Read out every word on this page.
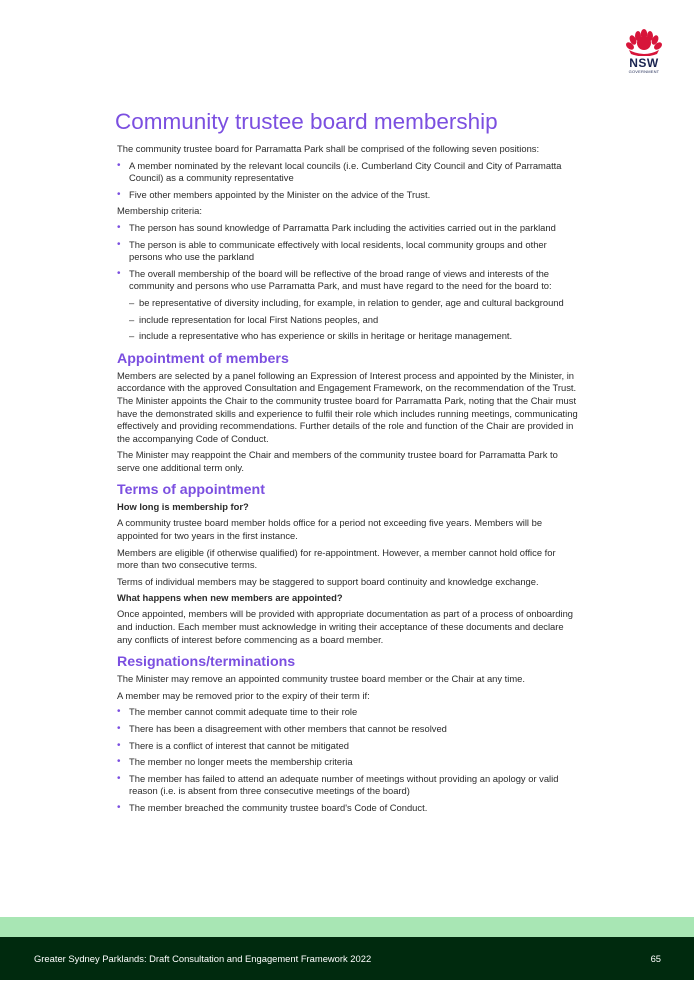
NSW
GOVERNMENT
Community trustee board membership

The community trustee board for Parramatta Park shall be comprised of the following seven positions:

• A member nominated by the relevant local councils (i.e. Cumberland City Council and City of Parramatta Council) as a community representative
• Five other members appointed by the Minister on the advice of the Trust.

Membership criteria:

• The person has sound knowledge of Parramatta Park including the activities carried out in the parkland
• The person is able to communicate effectively with local residents, local community groups and other persons who use the parkland
• The overall membership of the board will be reflective of the broad range of views and interests of the community and persons who use Parramatta Park, and must have regard to the need for the board to:
– be representative of diversity including, for example, in relation to gender, age and cultural background
– include representation for local First Nations peoples, and
– include a representative who has experience or skills in heritage or heritage management.
Appointment of members

Members are selected by a panel following an Expression of Interest process and appointed by the Minister, in accordance with the approved Consultation and Engagement Framework, on the recommendation of the Trust. The Minister appoints the Chair to the community trustee board for Parramatta Park, noting that the Chair must have the demonstrated skills and experience to fulfil their role which includes running meetings, communicating effectively and providing recommendations. Further details of the role and function of the Chair are provided in the accompanying Code of Conduct.

The Minister may reappoint the Chair and members of the community trustee board for Parramatta Park to serve one additional term only.

Terms of appointment
How long is membership for?

A community trustee board member holds office for a period not exceeding five years. Members will be appointed for two years in the first instance.

Members are eligible (if otherwise qualified) for re-appointment. However, a member cannot hold office for more than two consecutive terms.

Terms of individual members may be staggered to support board continuity and knowledge exchange.

What happens when new members are appointed?

Once appointed, members will be provided with appropriate documentation as part of a process of onboarding and induction. Each member must acknowledge in writing their acceptance of these documents and declare any conflicts of interest before commencing as a board member.

Resignations/terminations

The Minister may remove an appointed community trustee board member or the Chair at any time.

A member may be removed prior to the expiry of their term if:

• The member cannot commit adequate time to their role
• There has been a disagreement with other members that cannot be resolved
• There is a conflict of interest that cannot be mitigated
• The member no longer meets the membership criteria
• The member has failed to attend an adequate number of meetings without providing an apology or valid reason (i.e. is absent from three consecutive meetings of the board)
• The member breached the community trustee board's Code of Conduct.
Greater Sydney Parklands: Draft Consultation and Engagement Framework 2022	65
